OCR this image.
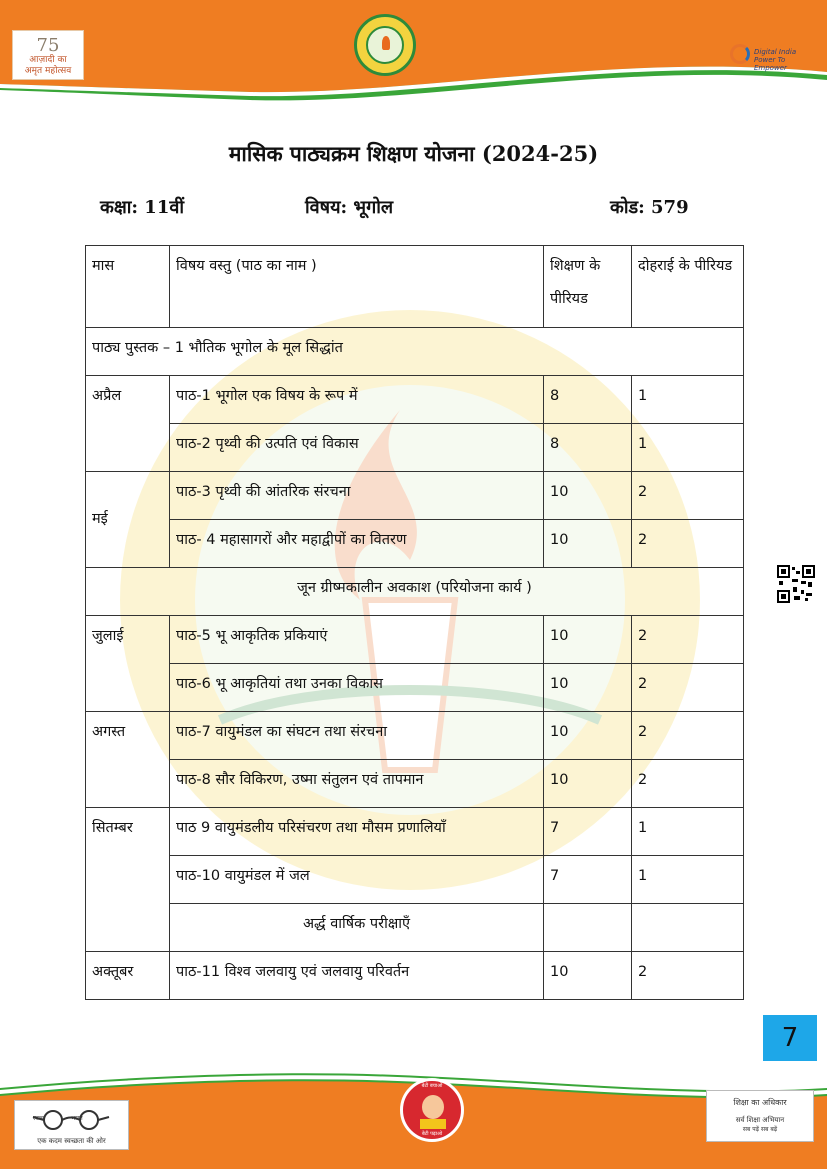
75
आज़ादी का
अमृत महोत्सव
Digital India
Power To Empower
मासिक पाठ्यक्रम शिक्षण योजना (2024-25)
कक्षा: 11वीं	विषय: भूगोल	कोड: 579
मास	विषय वस्तु (पाठ का नाम )	शिक्षण के पीरियड	दोहराई के पीरियड
पाठ्य पुस्तक – 1 भौतिक भूगोल के मूल सिद्धांत			
अप्रैल	पाठ-1 भूगोल एक विषय के रूप में	8	1
	पाठ-2 पृथ्वी की उत्पति एवं विकास	8	1
मई	पाठ-3 पृथ्वी की आंतरिक संरचना	10	2
	पाठ- 4 महासागरों और महाद्वीपों का वितरण	10	2
जून ग्रीष्मकालीन अवकाश (परियोजना कार्य )			
जुलाई	पाठ-5 भू आकृतिक प्रकियाएं	10	2
	पाठ-6 भू आकृतियां तथा उनका विकास	10	2
अगस्त	पाठ-7 वायुमंडल का संघटन तथा संरचना	10	2
	पाठ-8 सौर विकिरण, उष्मा संतुलन एवं तापमान	10	2
सितम्बर	पाठ 9 वायुमंडलीय परिसंचरण तथा मौसम प्रणालियाँ	7	1
	पाठ-10 वायुमंडल में जल	7	1
	अर्द्ध वार्षिक परीक्षाएँ		
अक्तूबर	पाठ-11 विश्व जलवायु एवं जलवायु परिवर्तन	10	2
7
स्वच्छ	भारत
एक कदम स्वच्छता की ओर
बेटी बचाओ
बेटी पढ़ाओ
शिक्षा का अधिकार
सर्व शिक्षा अभियान
सब पढ़ें सब बढ़ें
